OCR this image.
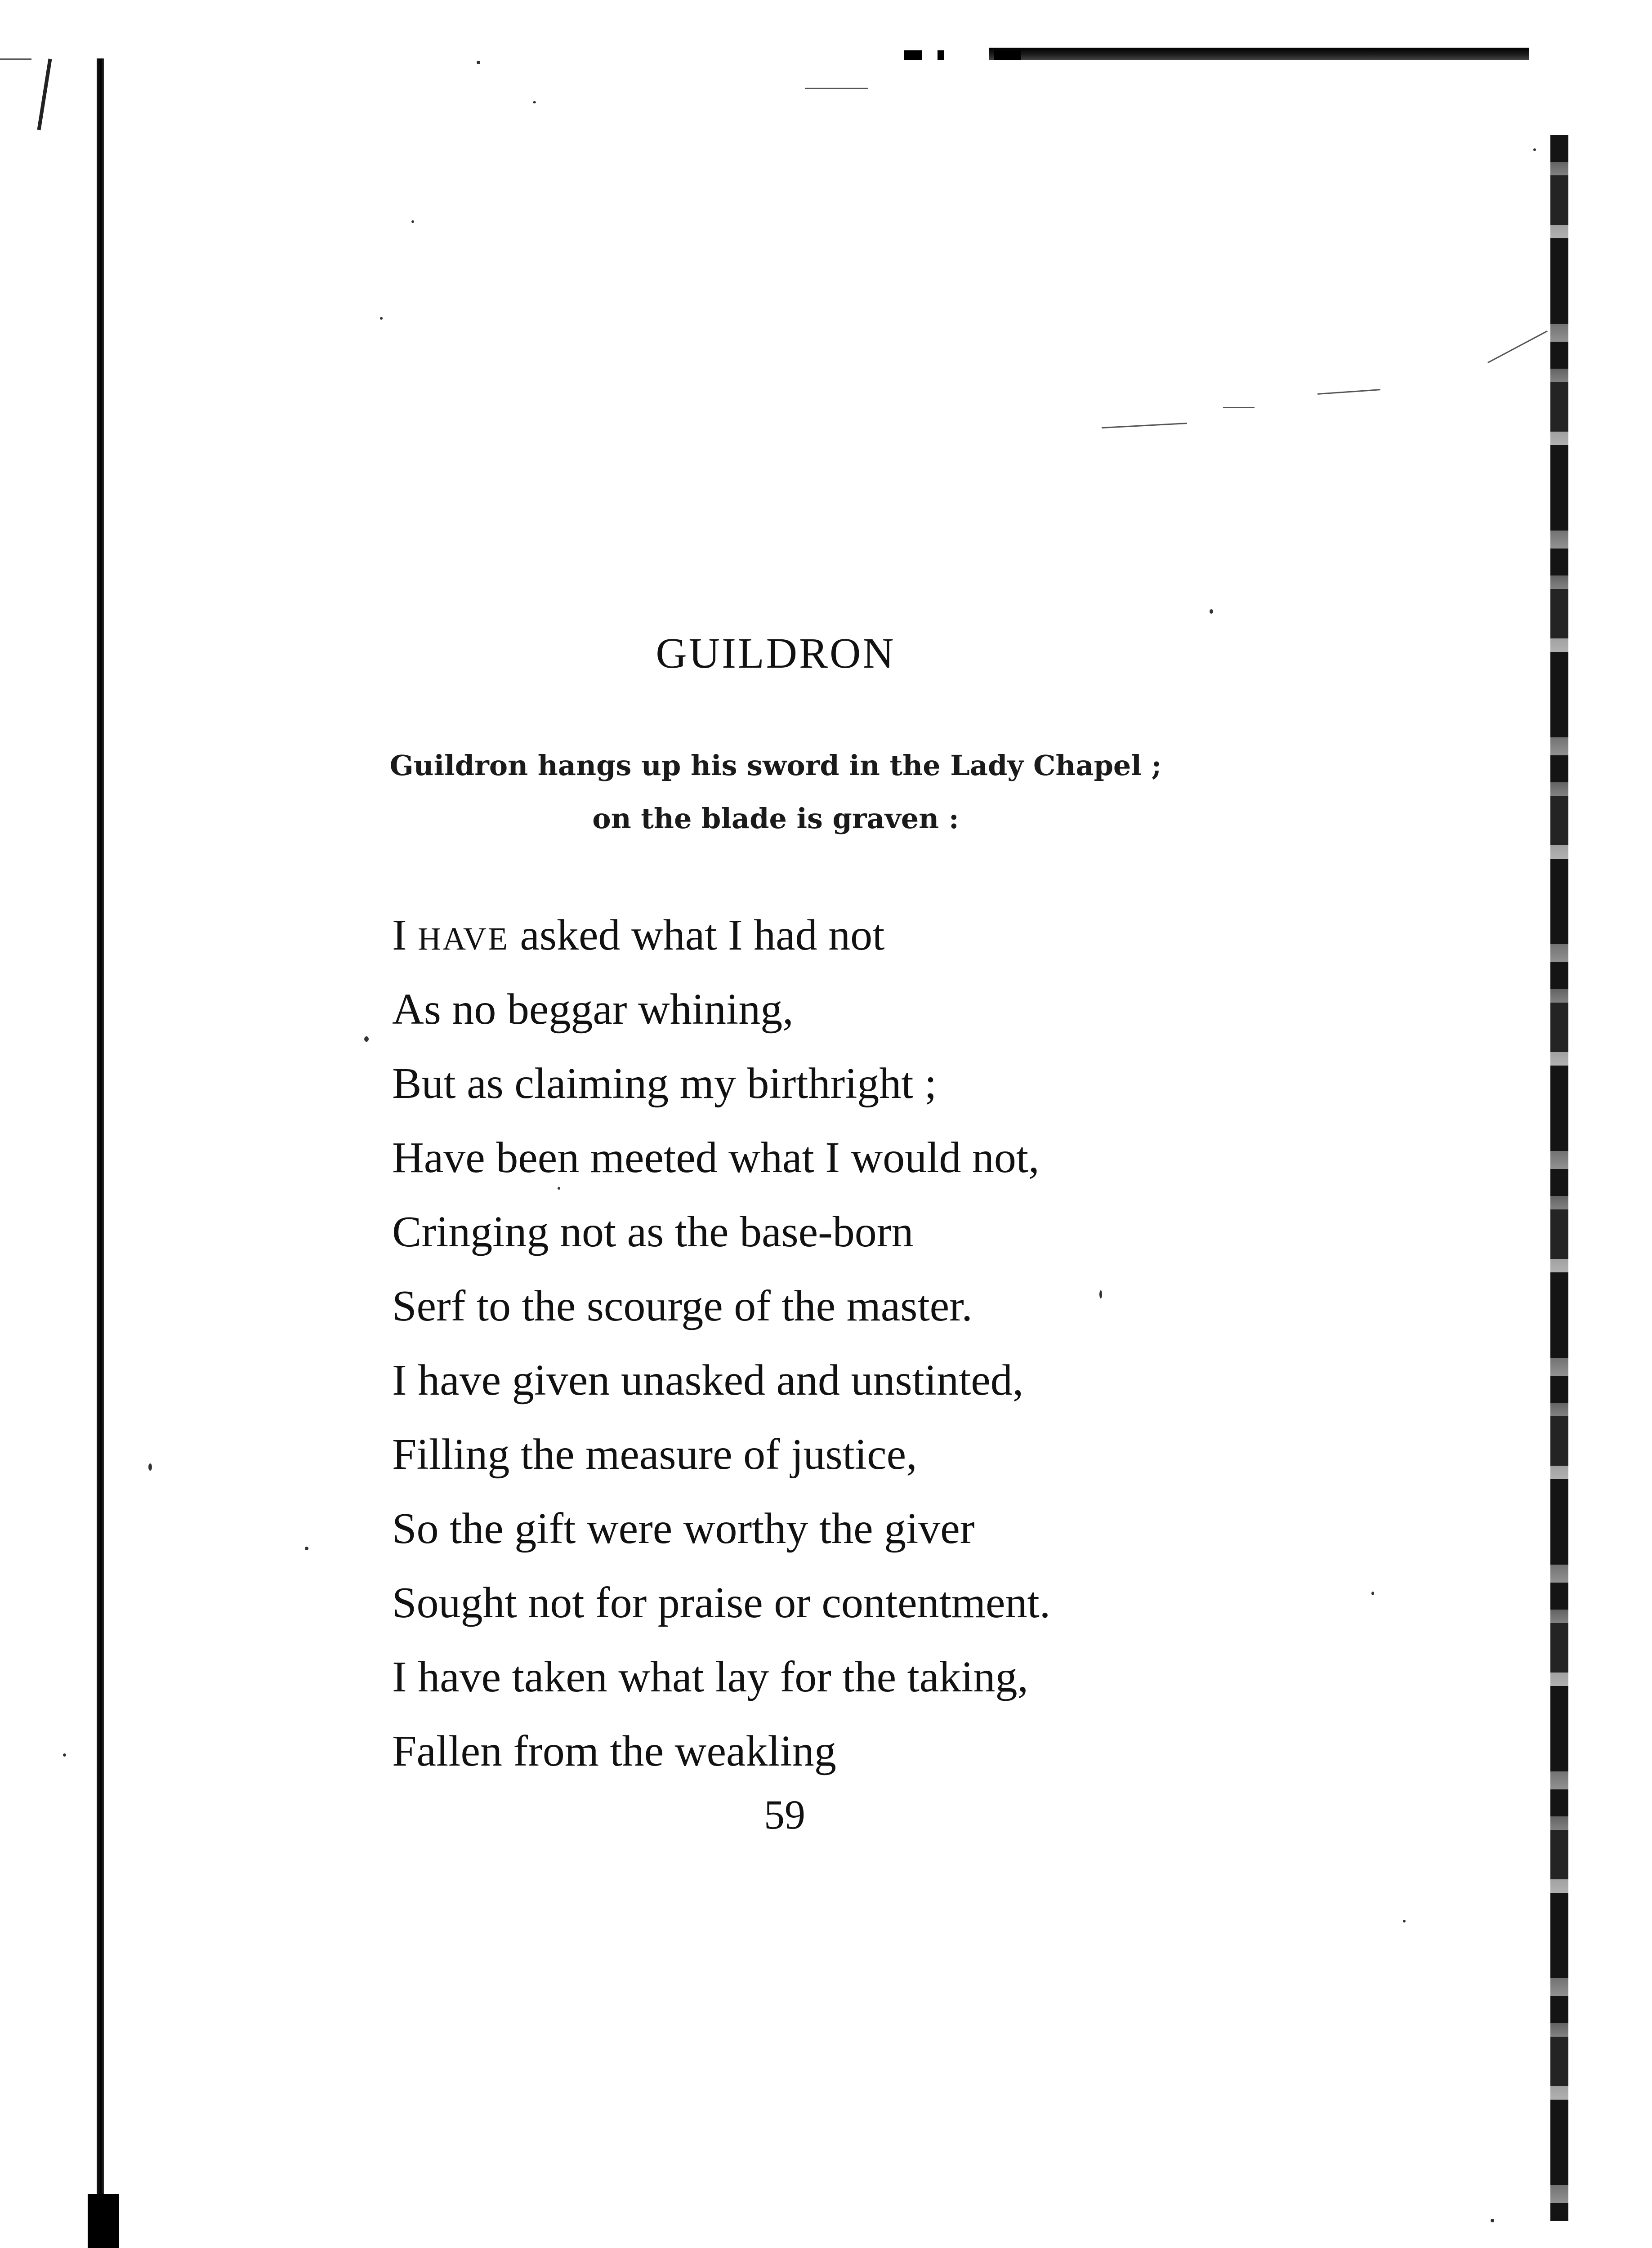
GUILDRON
Guildron hangs up his sword in the Lady Chapel ;
on the blade is graven :
I HAVE asked what I had not
As no beggar whining,
But as claiming my birthright ;
Have been meeted what I would not,
Cringing not as the base-born
Serf to the scourge of the master.
I have given unasked and unstinted,
Filling the measure of justice,
So the gift were worthy the giver
Sought not for praise or contentment.
I have taken what lay for the taking,
Fallen from the weakling
59
